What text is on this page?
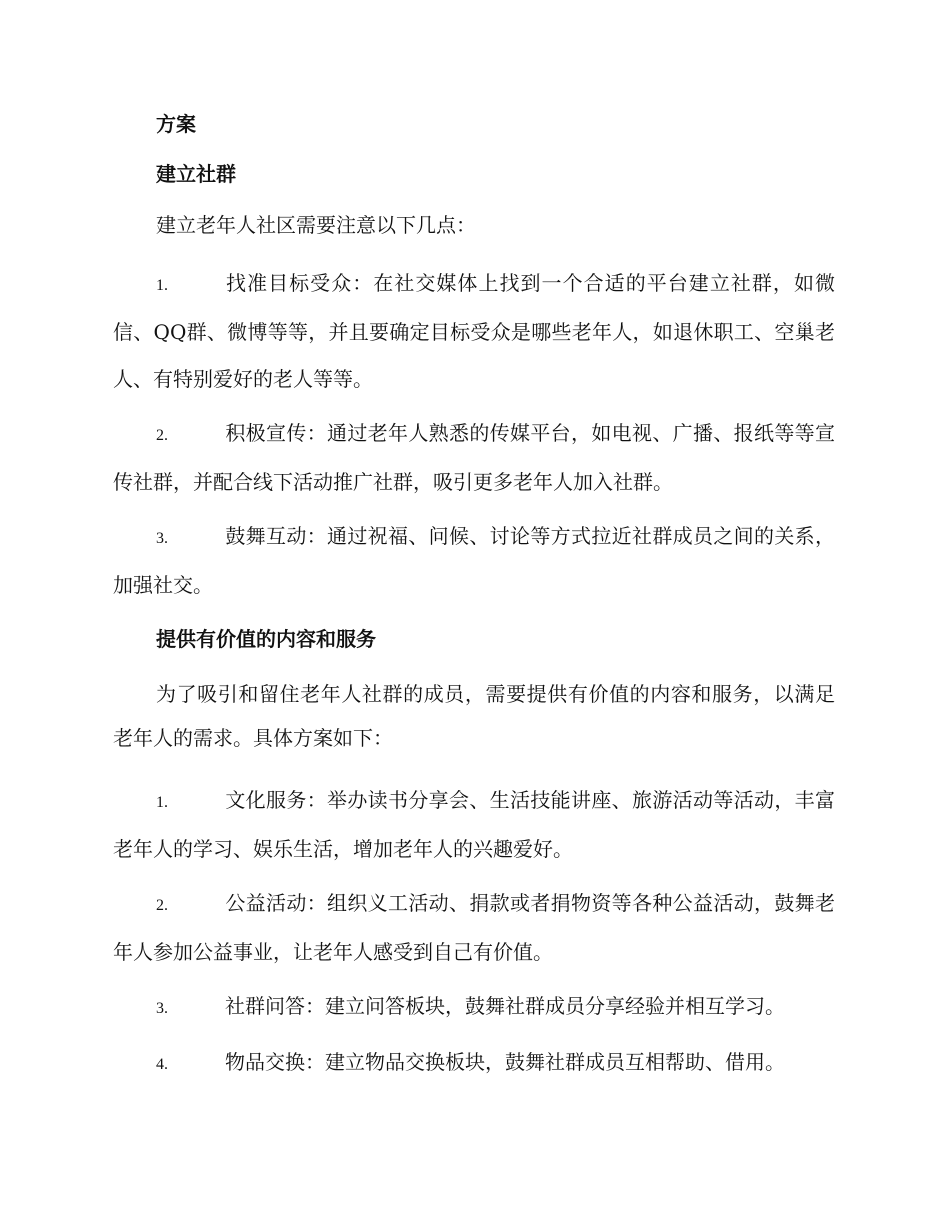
方案

建立社群

建立老年人社区需要注意以下几点：

1.	找准目标受众：在社交媒体上找到一个合适的平台建立社群，如微信、QQ群、微博等等，并且要确定目标受众是哪些老年人，如退休职工、空巢老人、有特别爱好的老人等等。

2.	积极宣传：通过老年人熟悉的传媒平台，如电视、广播、报纸等等宣传社群，并配合线下活动推广社群，吸引更多老年人加入社群。

3.	鼓舞互动：通过祝福、问候、讨论等方式拉近社群成员之间的关系，加强社交。

提供有价值的内容和服务

为了吸引和留住老年人社群的成员，需要提供有价值的内容和服务，以满足老年人的需求。具体方案如下：

1.	文化服务：举办读书分享会、生活技能讲座、旅游活动等活动，丰富老年人的学习、娱乐生活，增加老年人的兴趣爱好。

2.	公益活动：组织义工活动、捐款或者捐物资等各种公益活动，鼓舞老年人参加公益事业，让老年人感受到自己有价值。

3.	社群问答：建立问答板块，鼓舞社群成员分享经验并相互学习。

4.	物品交换：建立物品交换板块，鼓舞社群成员互相帮助、借用。
